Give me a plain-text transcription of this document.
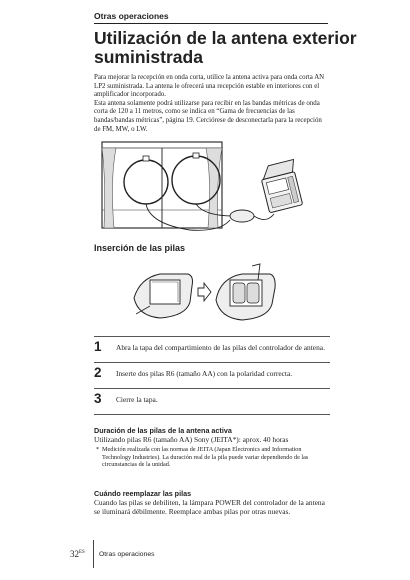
Otras operaciones
Utilización de la antena exterior suministrada

Para mejorar la recepción en onda corta, utilice la antena activa para onda corta AN LP2 suministrada. La antena le ofrecerá una recepción estable en interiores con el amplificador incorporado.
Esta antena solamente podrá utilizarse para recibir en las bandas métricas de onda corta de 120 a 11 metros, como se indica en “Gama de frecuencias de las bandas/bandas métricas”, página 19. Cerciórese de desconectarla para la recepción de FM, MW, o LW.

Inserción de las pilas
1 Abra la tapa del compartimiento de las pilas del controlador de antena.
2 Inserte dos pilas R6 (tamaño AA) con la polaridad correcta.
3 Cierre la tapa.
Duración de las pilas de la antena activa

Utilizando pilas R6 (tamaño AA) Sony (JEITA*): aprox. 40 horas

* Medición realizada con las normas de JEITA (Japan Electronics and Information Technology Industries). La duración real de la pila puede variar dependiendo de las circunstancias de la unidad.

Cuándo reemplazar las pilas

Cuando las pilas se debiliten, la lámpara POWER del controlador de la antena se iluminará débilmente. Reemplace ambas pilas por otras nuevas.

$32^{ES}$ Otras operaciones
